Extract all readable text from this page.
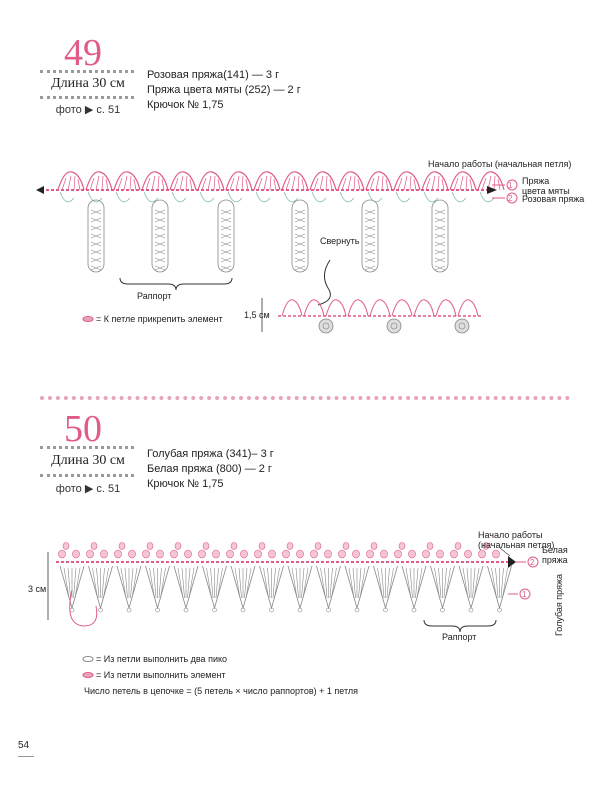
49
Длина 30 см
фото ▶ с. 51
Розовая пряжа(141) — 3 г
Пряжа цвета мяты (252) — 2 г
Крючок № 1,75
Начало работы (начальная петля)
1
2
Пряжа
цвета мяты
Розовая пряжа
Свернуть
Раппорт
1,5 см
= К петле прикрепить элемент
50
Длина 30 см
фото ▶ с. 51
Голубая пряжа (341)– 3 г
Белая пряжа (800) — 2 г
Крючок № 1,75
Начало работы
(начальная петля)
2
1
Белая
пряжа
Голубая пряжа
3 см
Раппорт
= Из петли выполнить два пико
= Из петли выполнить элемент
Число петель в цепочке = (5 петель × число раппортов) + 1 петля
54
